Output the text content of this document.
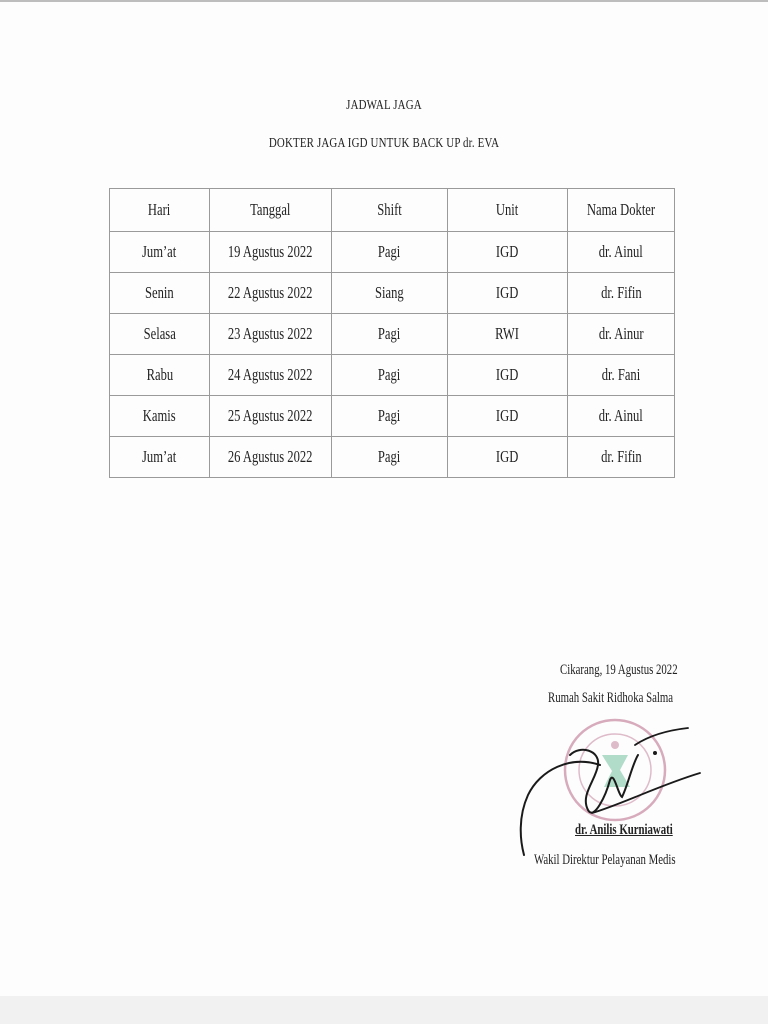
JADWAL JAGA
DOKTER JAGA IGD UNTUK BACK UP dr. EVA
Hari	Tanggal	Shift	Unit	Nama Dokter
Jum’at	19 Agustus 2022	Pagi	IGD	dr. Ainul
Senin	22 Agustus 2022	Siang	IGD	dr. Fifin
Selasa	23 Agustus 2022	Pagi	RWI	dr. Ainur
Rabu	24 Agustus 2022	Pagi	IGD	dr. Fani
Kamis	25 Agustus 2022	Pagi	IGD	dr. Ainul
Jum’at	26 Agustus 2022	Pagi	IGD	dr. Fifin
Cikarang, 19 Agustus 2022
Rumah Sakit Ridhoka Salma
dr. Anilis Kurniawati
Wakil Direktur Pelayanan Medis
